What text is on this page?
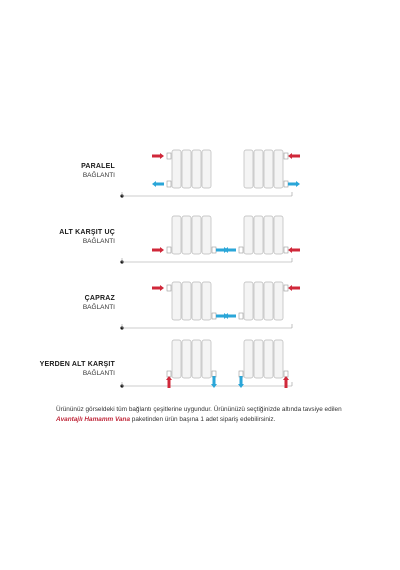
PARALEL
BAĞLANTI
ALT KARŞIT UÇ
BAĞLANTI
ÇAPRAZ
BAĞLANTI
YERDEN ALT KARŞIT
BAĞLANTI
Ürününüz görseldeki tüm bağlantı çeşitlerine uygundur. Ürününüzü seçtiğinizde altında tavsiye edilen
Avantajlı Hamamm Vana paketinden ürün başına 1 adet sipariş edebilirsiniz.
